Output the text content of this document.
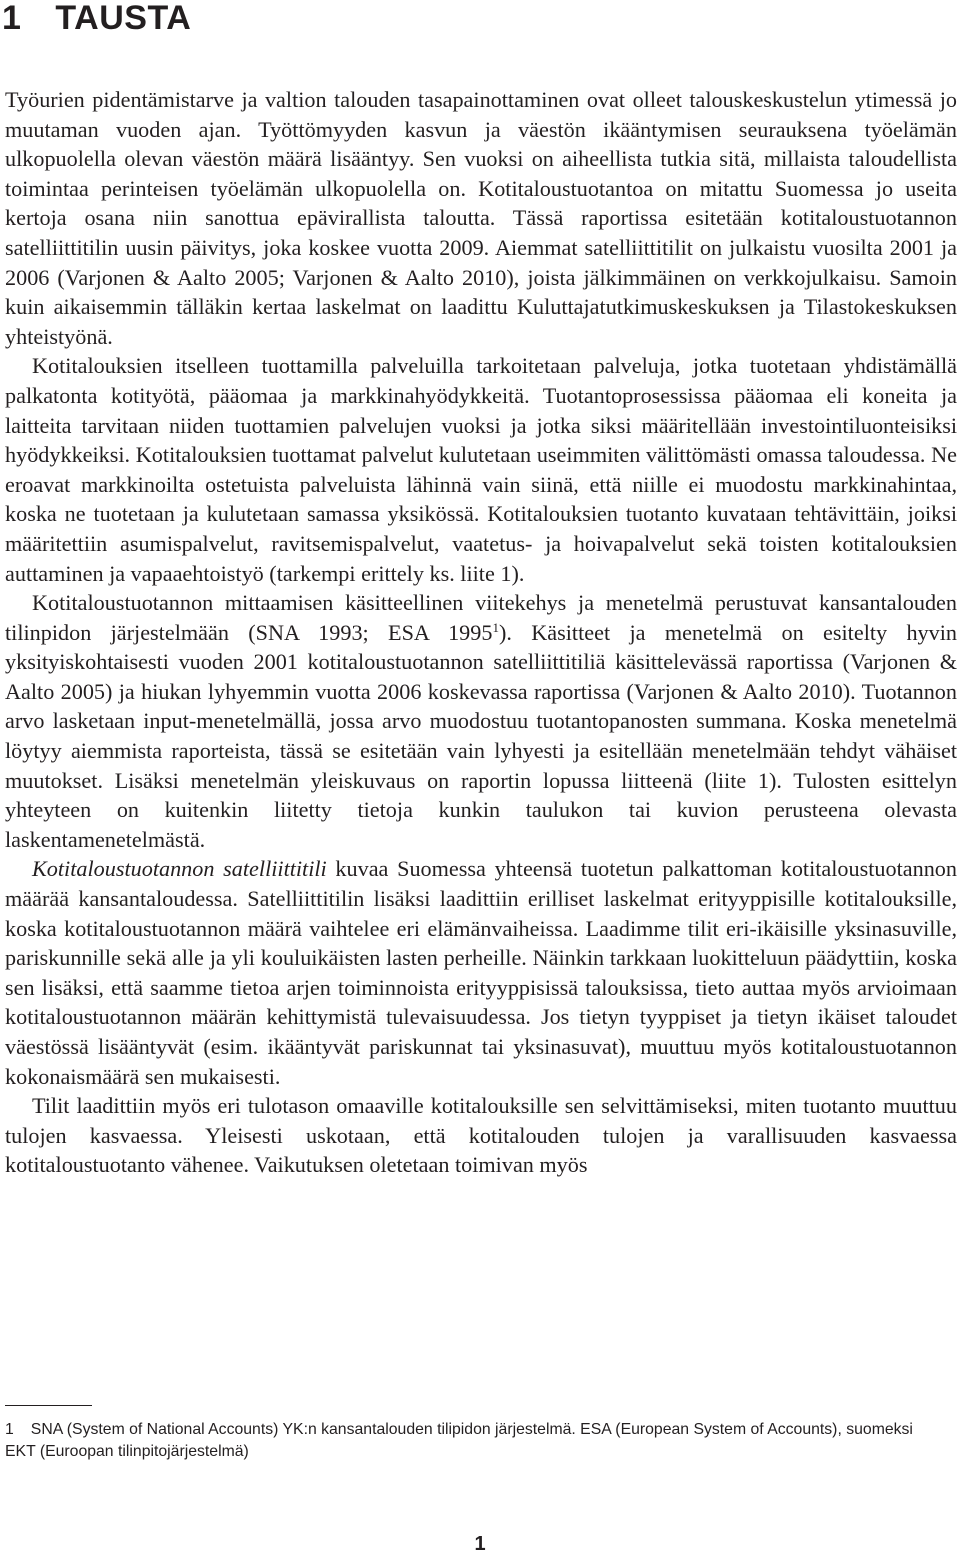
1 TAUSTA

Työurien pidentämistarve ja valtion talouden tasapainottaminen ovat olleet talouskeskustelun ytimessä jo muutaman vuoden ajan. Työttömyyden kasvun ja väestön ikääntymisen seurauksena työelämän ulkopuolella olevan väestön määrä lisääntyy. Sen vuoksi on aiheellista tutkia sitä, millaista taloudellista toimintaa perinteisen työelämän ulkopuolella on. Kotitaloustuotantoa on mitattu Suomessa jo useita kertoja osana niin sanottua epävirallista taloutta. Tässä raportissa esitetään kotitaloustuotannon satelliittitilin uusin päivitys, joka koskee vuotta 2009. Aiemmat satelliittitilit on julkaistu vuosilta 2001 ja 2006 (Varjonen & Aalto 2005; Varjonen & Aalto 2010), joista jälkimmäinen on verkkojulkaisu. Samoin kuin aikaisemmin tälläkin kertaa laskelmat on laadittu Kuluttajatutkimuskeskuksen ja Tilastokeskuksen yhteistyönä.

Kotitalouksien itselleen tuottamilla palveluilla tarkoitetaan palveluja, jotka tuotetaan yhdistämällä palkatonta kotityötä, pääomaa ja markkinahyödykkeitä. Tuotantoprosessissa pääomaa eli koneita ja laitteita tarvitaan niiden tuottamien palvelujen vuoksi ja jotka siksi määritellään investointiluonteisiksi hyödykkeiksi. Kotitalouksien tuottamat palvelut kulutetaan useimmiten välittömästi omassa taloudessa. Ne eroavat markkinoilta ostetuista palveluista lähinnä vain siinä, että niille ei muodostu markkinahintaa, koska ne tuotetaan ja kulutetaan samassa yksikössä. Kotitalouksien tuotanto kuvataan tehtävittäin, joiksi määritettiin asumispalvelut, ravitsemispalvelut, vaatetus- ja hoivapalvelut sekä toisten kotitalouksien auttaminen ja vapaaehtoistyö (tarkempi erittely ks. liite 1).

Kotitaloustuotannon mittaamisen käsitteellinen viitekehys ja menetelmä perustuvat kansantalouden tilinpidon järjestelmään (SNA 1993; ESA 1995$^1$). Käsitteet ja menetelmä on esitelty hyvin yksityiskohtaisesti vuoden 2001 kotitaloustuotannon satelliittitiliä käsittelevässä raportissa (Varjonen & Aalto 2005) ja hiukan lyhyemmin vuotta 2006 koskevassa raportissa (Varjonen & Aalto 2010). Tuotannon arvo lasketaan input-menetelmällä, jossa arvo muodostuu tuotantopanosten summana. Koska menetelmä löytyy aiemmista raporteista, tässä se esitetään vain lyhyesti ja esitellään menetelmään tehdyt vähäiset muutokset. Lisäksi menetelmän yleiskuvaus on raportin lopussa liitteenä (liite 1). Tulosten esittelyn yhteyteen on kuitenkin liitetty tietoja kunkin taulukon tai kuvion perusteena olevasta laskentamenetelmästä.

Kotitaloustuotannon satelliittitili kuvaa Suomessa yhteensä tuotetun palkattoman kotitaloustuotannon määrää kansantaloudessa. Satelliittitilin lisäksi laadittiin erilliset laskelmat erityyppisille kotitalouksille, koska kotitaloustuotannon määrä vaihtelee eri elämänvaiheissa. Laadimme tilit eri-ikäisille yksinasuville, pariskunnille sekä alle ja yli kouluikäisten lasten perheille. Näinkin tarkkaan luokitteluun päädyttiin, koska sen lisäksi, että saamme tietoa arjen toiminnoista erityyppisissä talouksissa, tieto auttaa myös arvioimaan kotitaloustuotannon määrän kehittymistä tulevaisuudessa. Jos tietyn tyyppiset ja tietyn ikäiset taloudet väestössä lisääntyvät (esim. ikääntyvät pariskunnat tai yksinasuvat), muuttuu myös kotitaloustuotannon kokonaismäärä sen mukaisesti.

Tilit laadittiin myös eri tulotason omaaville kotitalouksille sen selvittämiseksi, miten tuotanto muuttuu tulojen kasvaessa. Yleisesti uskotaan, että kotitalouden tulojen ja varallisuuden kasvaessa kotitaloustuotanto vähenee. Vaikutuksen oletetaan toimivan myös

1 SNA (System of National Accounts) YK:n kansantalouden tilipidon järjestelmä. ESA (European System of Accounts), suomeksi EKT (Euroopan tilinpitojärjestelmä)
1
